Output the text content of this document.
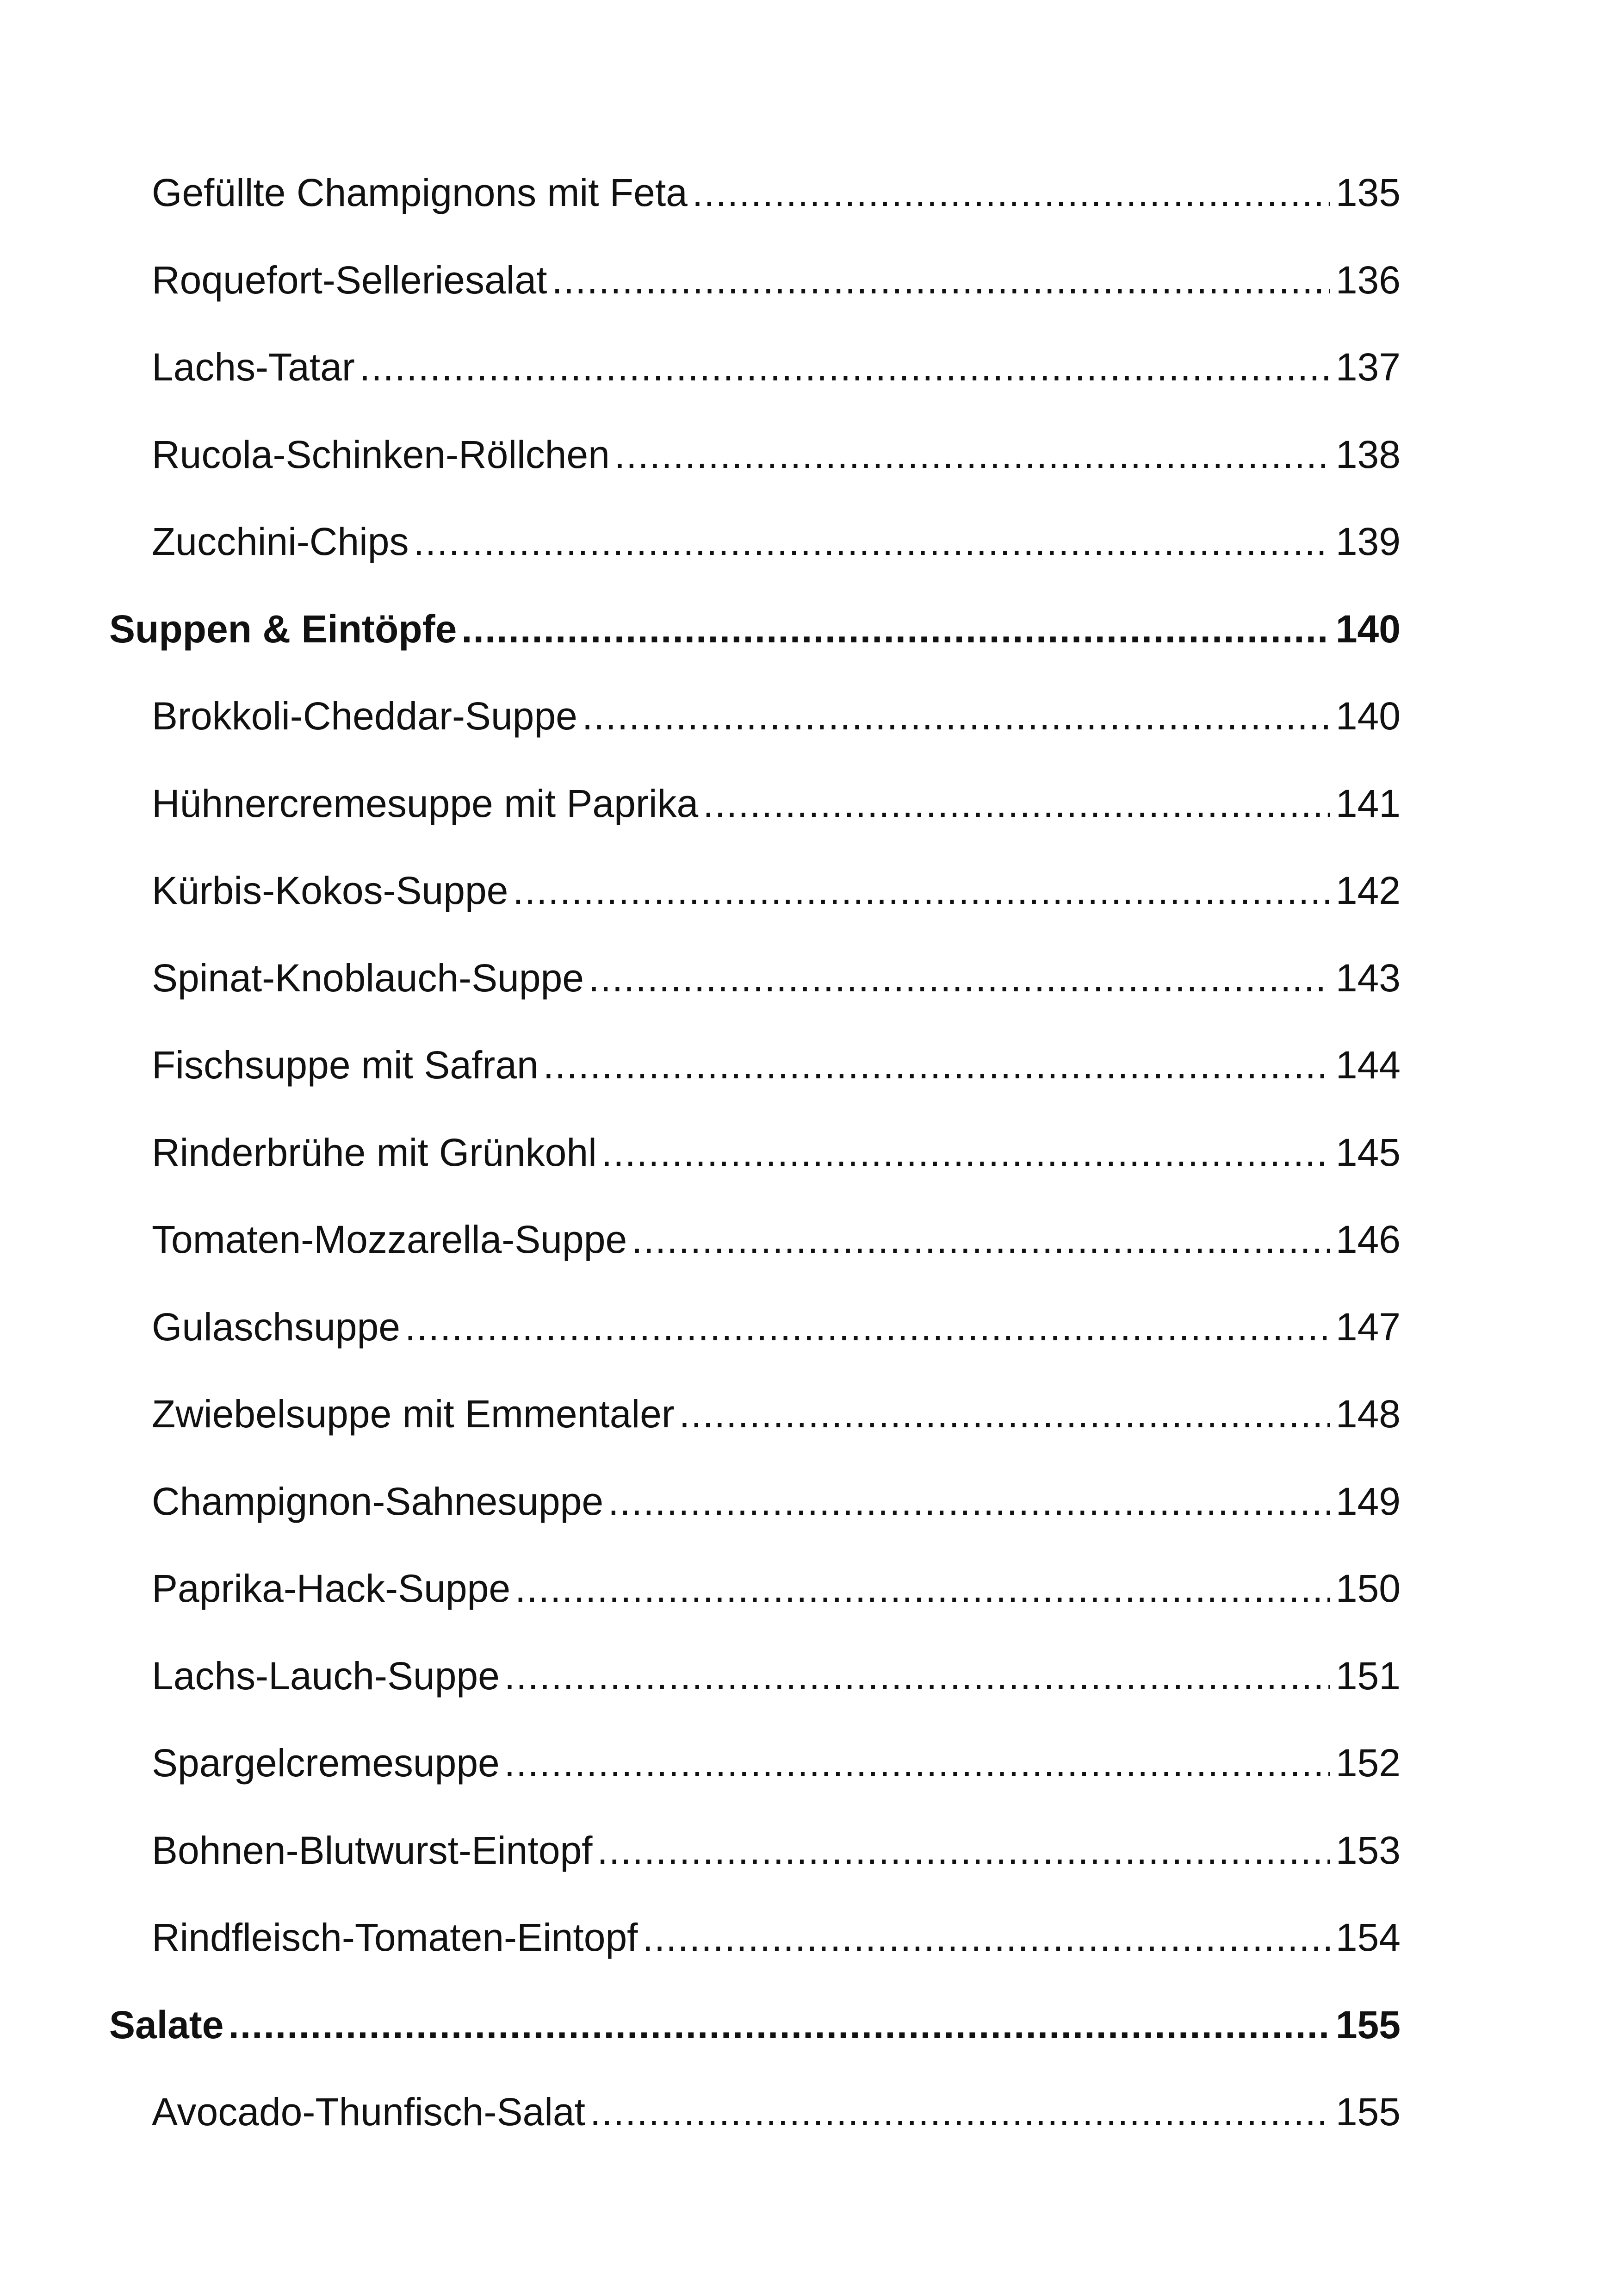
Gefüllte Champignons mit Feta .....	135
Roquefort-Selleriesalat .....	136
Lachs-Tatar .....	137
Rucola-Schinken-Röllchen .....	138
Zucchini-Chips .....	139
Suppen & Eintöpfe .....	140
Brokkoli-Cheddar-Suppe .....	140
Hühnercremesuppe mit Paprika .....	141
Kürbis-Kokos-Suppe .....	142
Spinat-Knoblauch-Suppe .....	143
Fischsuppe mit Safran .....	144
Rinderbrühe mit Grünkohl .....	145
Tomaten-Mozzarella-Suppe .....	146
Gulaschsuppe .....	147
Zwiebelsuppe mit Emmentaler .....	148
Champignon-Sahnesuppe .....	149
Paprika-Hack-Suppe .....	150
Lachs-Lauch-Suppe .....	151
Spargelcremesuppe .....	152
Bohnen-Blutwurst-Eintopf .....	153
Rindfleisch-Tomaten-Eintopf .....	154
Salate .....	155
Avocado-Thunfisch-Salat .....	155
